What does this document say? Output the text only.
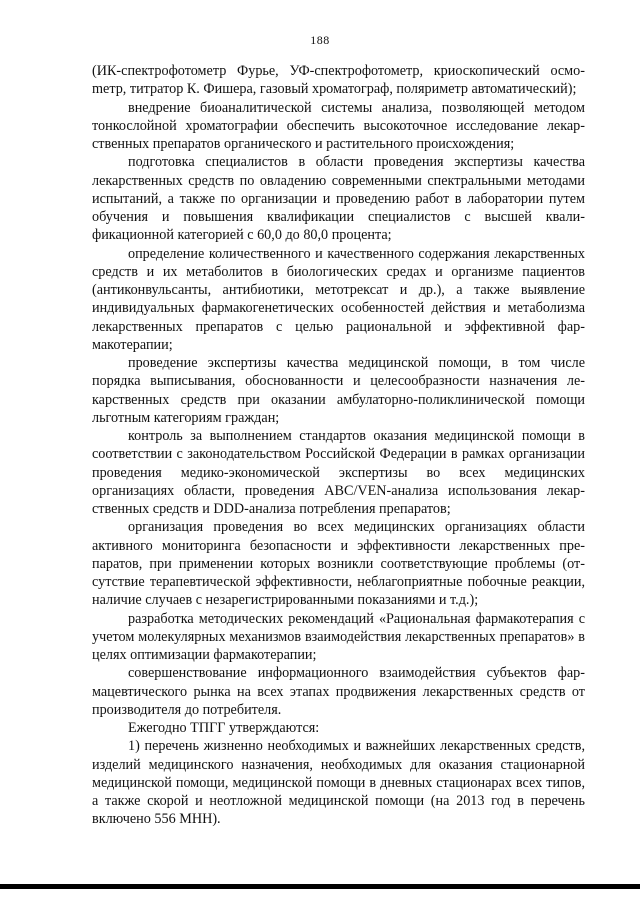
188

(ИК-спектрофотометр Фурье, УФ-спектрофотометр, криоскопический осмоmетр, титратор К. Фишера, газовый хроматограф, поляриметр автоматический);

внедрение биоаналитической системы анализа, позволяющей методом тонкослойной хроматографии обеспечить высокоточное исследование лекарственных препаратов органического и растительного происхождения;

подготовка специалистов в области проведения экспертизы качества лекарственных средств по овладению современными спектральными методами испытаний, а также по организации и проведению работ в лаборатории путем обучения и повышения квалификации специалистов с высшей квалификационной категорией с 60,0 до 80,0 процента;

определение количественного и качественного содержания лекарственных средств и их метаболитов в биологических средах и организме пациентов (антиконвульсанты, антибиотики, метотрексат и др.), а также выявление индивидуальных фармакогенетических особенностей действия и метаболизма лекарственных препаратов с целью рациональной и эффективной фармакотерапии;

проведение экспертизы качества медицинской помощи, в том числе порядка выписывания, обоснованности и целесообразности назначения лекарственных средств при оказании амбулаторно-поликлинической помощи льготным категориям граждан;

контроль за выполнением стандартов оказания медицинской помощи в соответствии с законодательством Российской Федерации в рамках организации проведения медико-экономической экспертизы во всех медицинских организациях области, проведения ABC/VEN-анализа использования лекарственных средств и DDD-анализа потребления препаратов;

организация проведения во всех медицинских организациях области активного мониторинга безопасности и эффективности лекарственных препаратов, при применении которых возникли соответствующие проблемы (отсутствие терапевтической эффективности, неблагоприятные побочные реакции, наличие случаев с незарегистрированными показаниями и т.д.);

разработка методических рекомендаций «Рациональная фармакотерапия с учетом молекулярных механизмов взаимодействия лекарственных препаратов» в целях оптимизации фармакотерапии;

совершенствование информационного взаимодействия субъектов фармацевтического рынка на всех этапах продвижения лекарственных средств от производителя до потребителя.

Ежегодно ТПГГ утверждаются:

1) перечень жизненно необходимых и важнейших лекарственных средств, изделий медицинского назначения, необходимых для оказания стационарной медицинской помощи, медицинской помощи в дневных стационарах всех типов, а также скорой и неотложной медицинской помощи (на 2013 год в перечень включено 556 МНН).
